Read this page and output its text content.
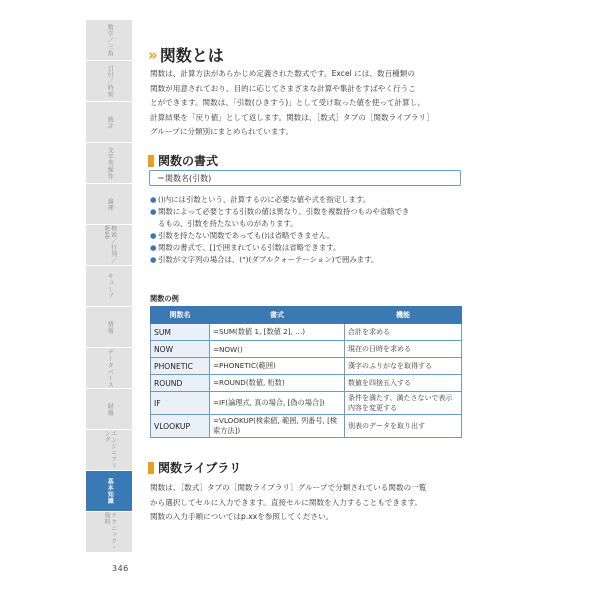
数学／三角
日付／時刻
統計
文字列操作
論理
検索／行列／Web
キューブ
情報
データベース
財務
エンジニアリング
基本知識
テクニック・資料
» 関数とは
関数は、計算方法があらかじめ定義された数式です。Excel には、数百種類の
関数が用意されており、目的に応じてさまざまな計算や集計をすばやく行うこ
とができます。関数は、「引数(ひきすう)」として受け取った値を使って計算し、
計算結果を「戻り値」として返します。関数は、［数式］タブの［関数ライブラリ］
グループに分類別にまとめられています。
関数の書式
＝関数名(引数)
● ()内には引数という、計算するのに必要な値や式を指定します。
● 関数によって必要とする引数の値は異なり、引数を複数持つものや省略でき
るもの、引数を持たないものがあります。
● 引数を持たない関数であっても()は省略できません。
● 関数の書式で、[]で囲まれている引数は省略できます。
● 引数が文字列の場合は、(")(ダブルクォーテーション)で囲みます。
関数の例
関数名	書式	機能
SUM	=SUM(数値 1, [数値 2], …)	合計を求める
NOW	=NOW()	現在の日時を求める
PHONETIC	=PHONETIC(範囲)	漢字のふりがなを取得する
ROUND	=ROUND(数値, 桁数)	数値を四捨五入する
IF	=IF(論理式, 真の場合, [偽の場合])	条件を満たす、満たさないで表示内容を変更する
VLOOKUP	=VLOOKUP(検索値, 範囲, 列番号, [検索方法])	別表のデータを取り出す
関数ライブラリ
関数は、［数式］タブの［関数ライブラリ］グループで分類されている関数の一覧
から選択してセルに入力できます。直接セルに関数を入力することもできます。
関数の入力手順についてはp.xxを参照してください。
346
